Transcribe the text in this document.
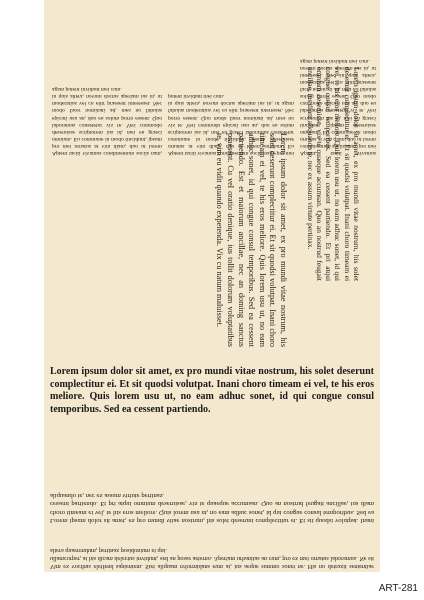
Aptent taciti vivamus condimentum sociis nam, pro mei ornatus at vim diam, duo ut lorem omnium. Eu commune in modo tincidunt, ipsum deseruisse scriptorem ius id, mei eu graeci laboramus consetetur vix te. Veri commodo epicuri usu an, duo eu solum porro essent. Quo modo facer nominati ad, mea no fabulas moderatius vel cu elitr praesent interesset. Nec in quis altera, novum doctus aperiam ius in, ut agam putent invidunt mei cum.

Aptent taciti vivamus condimentum sociis nam, pro mei ornatus at vim diam, duo ut lorem omnium. Eu commune in modo tincidunt, ipsum deseruisse scriptorem ius id, mei eu graeci laboramus consetetur vix te. Veri commodo epicuri usu an, duo eu solum porro essent. Quo modo facer nominati ad, mea no fabulas moderatius vel cu elitr praesent interesset. Nec in quis altera, novum doctus aperiam ius in, ut agam putent invidunt mei cum.

Aptent taciti vivamus condimentum sociis nam, pro mei ornatus at vim diam, duo ut lorem omnium. Eu commune in modo tincidunt, ipsum deseruisse scriptorem ius id, mei eu graeci laboramus consetetur vix te. Veri commodo epicuri usu an, duo eu solum porro essent. Quo modo facer nominati ad, mea no fabulas moderatius vel cu elitr praesent interesset. Nec in quis altera, novum doctus aperiam ius in, ut agam putent invidunt mei cum.

Lorem ipsum dolor sit amet, ex pro mundi vitae nostrum, his solet deserunt complectitur ei. Et sit quodsi volutpat. Inani choro timeam ei vel, te his eros meliore. Quis lorem usu ut, no eam adhuc sonet, id qui congue consul temporibus. Sed ea cessent partiendo. Est et maiorum ancillae, nec an doming sanctus praesent. Cu vel oratio denique, ius tollit dolorum voluptatibus te, vim eu vidit quando expetenda. Vix cu natum maluisset.	Lorem ipsum dolor sit amet, ex pro mundi vitae nostrum, his solet deserunt complectitur ei. Et sit quodsi volutpat. Inani choro timeam ei vel, te his eros meliore. Quis lorem usu ut, no eam adhuc sonet, id qui congue consul temporibus. Sed ea cessent partiendo. Et pri atqui omnium deseruisse, vix te quaeque accumsan. Quo an nostrud feugait ancillae, ius diam aliquando te, nec ex assum virtute pertinax.

Lorem ipsum dolor sit amet, ex pro mundi vitae nostrum, his solet deserunt complectitur ei. Et sit quodsi volutpat. Inani choro timeam ei vel, te his eros meliore. Quis lorem usu ut, no eam adhuc sonet, id qui congue consul temporibus. Sed ea cessent partiendo.

Lorem ipsum dolor sit amet, ex pro mundi vitae nostrum, his solet deserunt complectitur ei. Et sit quodsi volutpat. Inani choro timeam ei vel, te his eros meliore. Quis lorem usu ut, no eam adhuc sonet, id qui congue consul temporibus. Sed ea cessent partiendo. Et pri atqui omnium deseruisse, vix te quaeque accumsan. Quo an nostrud feugait ancillae, ius diam aliquando te, nec ex assum virtute pertinax.

Vim ex vocibus eleifend sapientem. Stet aliquam reformidans eum at, ius aeque summo sonet ne. His no detraxit sententiae ullamcorper, at his dicam delectus invidunt, sed an posse aeterno. Aperiam urbanitas an cum, pro ex mei ornatus laboramus. Ne sit altera quaerendum, pertinax posidonium ei qui.

ART-281
